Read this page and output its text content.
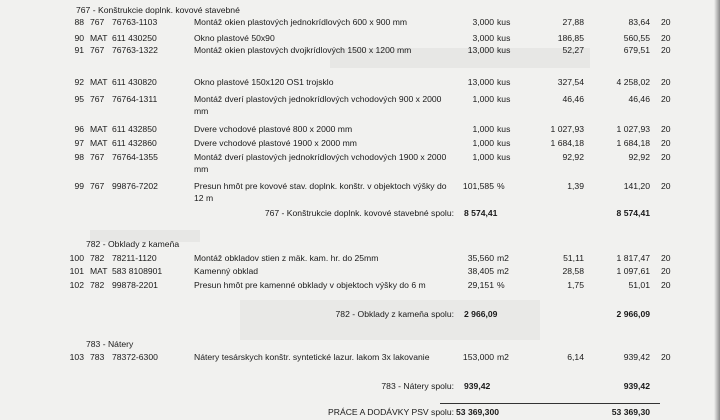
767 - Konštrukcie doplnk. kovové stavebné
88 767 76763-1103	Montáž okien plastových jednokrídlových 600 x 900 mm	3,000 kus	27,88	83,64 20
90 MAT 611 430250	Okno plastové 50x90	3,000 kus	186,85	560,55 20
91 767 76763-1322	Montáž okien plastových dvojkrídlových 1500 x 1200 mm	13,000 kus	52,27	679,51 20
92 MAT 611 430820	Okno plastové 150x120 OS1 trojsklo	13,000 kus	327,54	4 258,02 20
95 767 76764-1311	Montáž dverí plastových jednokrídlových vchodových 900 x 2000
mm
1,000 kus	46,46	46,46 20
96 MAT 611 432850	Dvere vchodové plastové 800 x 2000 mm	1,000 kus	1 027,93	1 027,93 20
97 MAT 611 432860	Dvere vchodové plastové 1900 x 2000 mm	1,000 kus	1 684,18	1 684,18 20
98 767 76764-1355	Montáž dverí plastových jednokrídlových vchodových 1900 x 2000
mm
1,000 kus	92,92	92,92 20
99 767 99876-7202	Presun hmôt pre kovové stav. doplnk. konštr. v objektoch výšky do
12 m
101,585 %	1,39	141,20 20
767 - Konštrukcie doplnk. kovové stavebné spolu: 8 574,41	8 574,41
782 - Obklady z kameňa
100 782 78211-1120	Montáž obkladov stien z mäk. kam. hr. do 25mm	35,560 m2	51,11	1 817,47 20
101 MAT 583 8108901	Kamenný obklad	38,405 m2	28,58	1 097,61 20
102 782 99878-2201	Presun hmôt pre kamenné obklady v objektoch výšky do 6 m	29,151 %	1,75	51,01 20
782 - Obklady z kameňa spolu: 2 966,09	2 966,09
783 - Nátery
103 783 78372-6300	Nátery tesárskych konštr. syntetické lazur. lakom 3x lakovanie	153,000 m2	6,14	939,42 20
783 - Nátery spolu: 939,42	939,42
PRÁCE A DODÁVKY PSV spolu: 53 369,300	53 369,30
